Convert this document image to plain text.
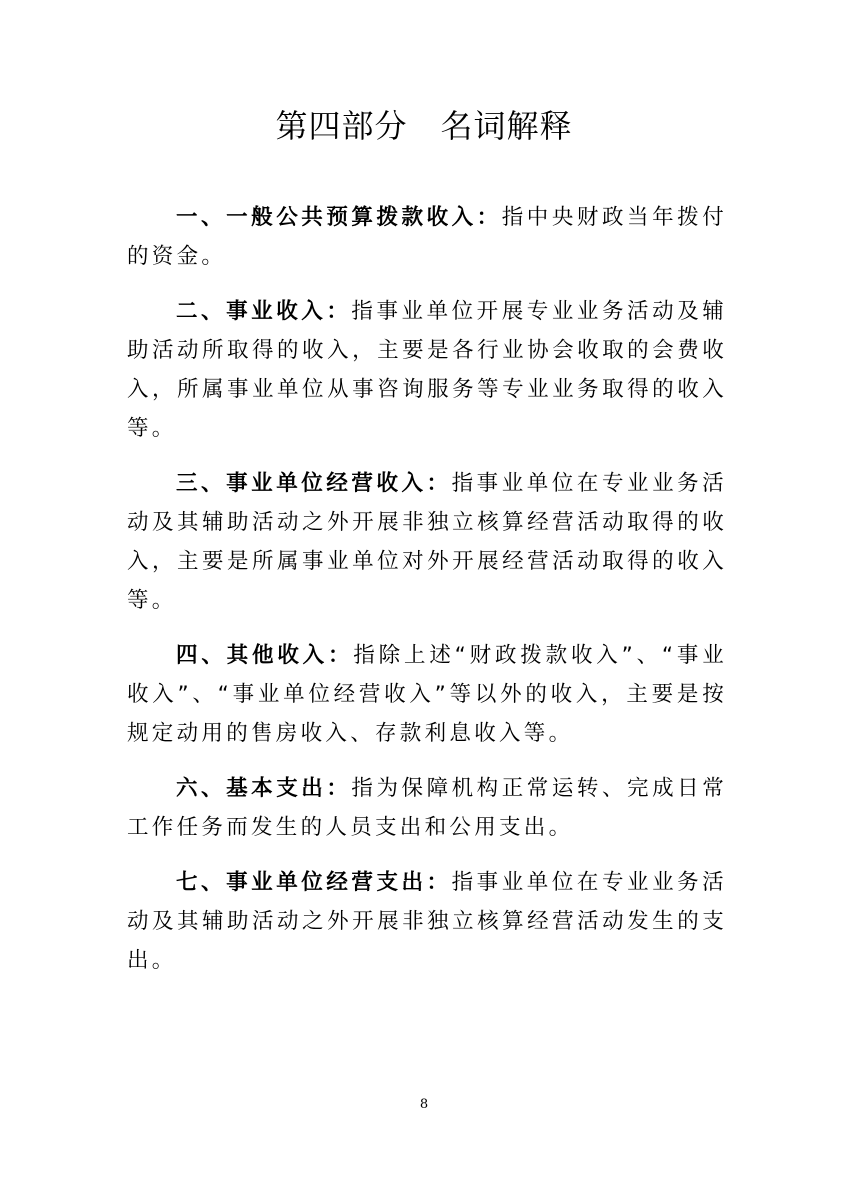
第四部分　名词解释

一、一般公共预算拨款收入：指中央财政当年拨付的资金。

二、事业收入：指事业单位开展专业业务活动及辅助活动所取得的收入，主要是各行业协会收取的会费收入，所属事业单位从事咨询服务等专业业务取得的收入等。

三、事业单位经营收入：指事业单位在专业业务活动及其辅助活动之外开展非独立核算经营活动取得的收入，主要是所属事业单位对外开展经营活动取得的收入等。

四、其他收入：指除上述“财政拨款收入”、“事业收入”、“事业单位经营收入”等以外的收入，主要是按规定动用的售房收入、存款利息收入等。

六、基本支出：指为保障机构正常运转、完成日常工作任务而发生的人员支出和公用支出。

七、事业单位经营支出：指事业单位在专业业务活动及其辅助活动之外开展非独立核算经营活动发生的支出。

8
